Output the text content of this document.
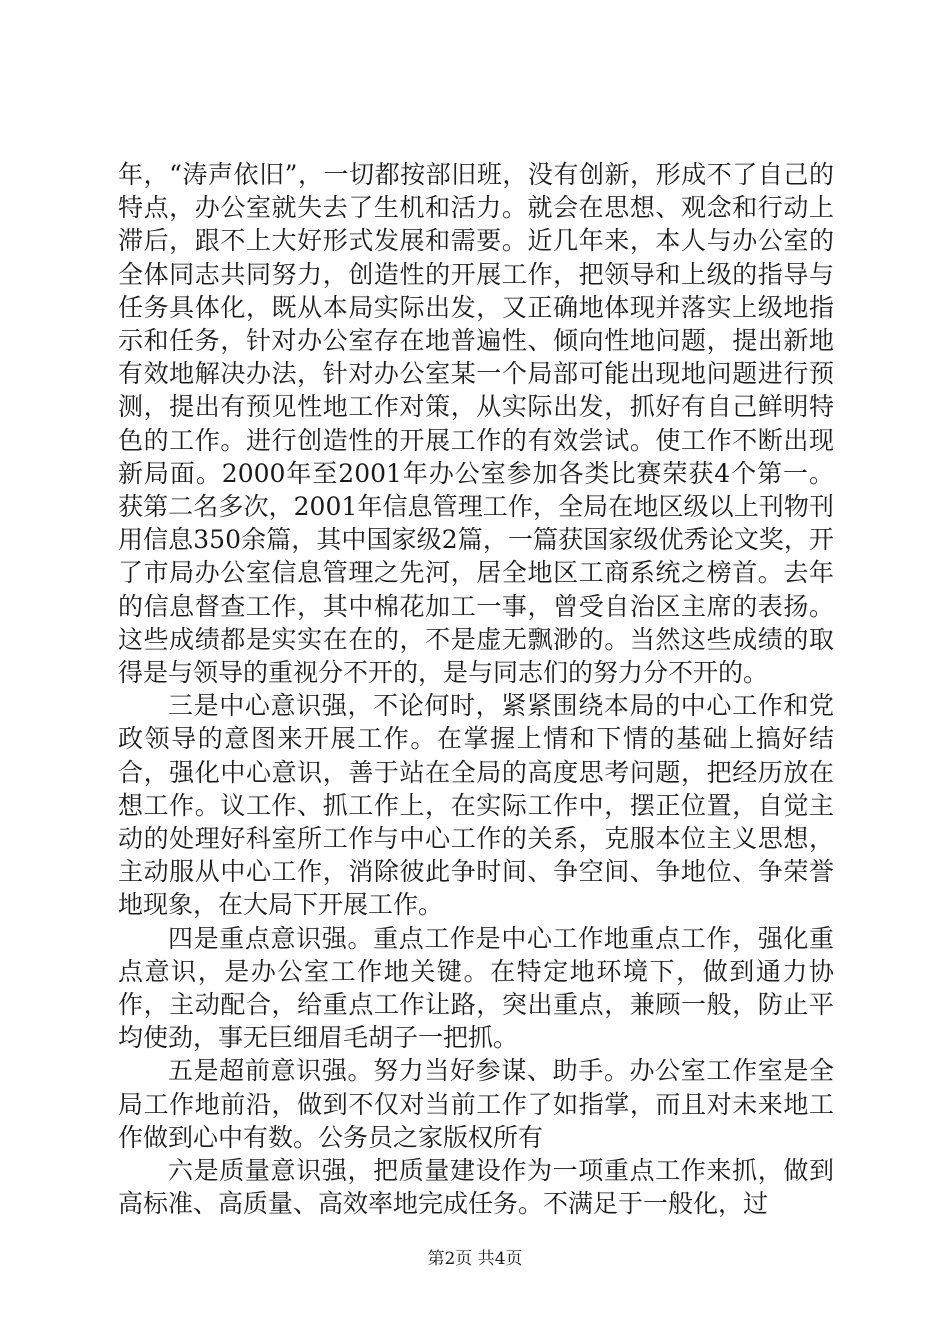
年，“涛声依旧”，一切都按部旧班，没有创新，形成不了自己的特点，办公室就失去了生机和活力。就会在思想、观念和行动上滞后，跟不上大好形式发展和需要。近几年来，本人与办公室的全体同志共同努力，创造性的开展工作，把领导和上级的指导与任务具体化，既从本局实际出发，又正确地体现并落实上级地指示和任务，针对办公室存在地普遍性、倾向性地问题，提出新地有效地解决办法，针对办公室某一个局部可能出现地问题进行预测，提出有预见性地工作对策，从实际出发，抓好有自己鲜明特色的工作。进行创造性的开展工作的有效尝试。使工作不断出现新局面。2000年至2001年办公室参加各类比赛荣获4个第一。获第二名多次，2001年信息管理工作，全局在地区级以上刊物刊用信息350余篇，其中国家级2篇，一篇获国家级优秀论文奖，开了市局办公室信息管理之先河，居全地区工商系统之榜首。去年的信息督查工作，其中棉花加工一事，曾受自治区主席的表扬。这些成绩都是实实在在的，不是虚无飘渺的。当然这些成绩的取得是与领导的重视分不开的，是与同志们的努力分不开的。

三是中心意识强，不论何时，紧紧围绕本局的中心工作和党政领导的意图来开展工作。在掌握上情和下情的基础上搞好结合，强化中心意识，善于站在全局的高度思考问题，把经历放在想工作。议工作、抓工作上，在实际工作中，摆正位置，自觉主动的处理好科室所工作与中心工作的关系，克服本位主义思想，主动服从中心工作，消除彼此争时间、争空间、争地位、争荣誉地现象，在大局下开展工作。

四是重点意识强。重点工作是中心工作地重点工作，强化重点意识，是办公室工作地关键。在特定地环境下，做到通力协作，主动配合，给重点工作让路，突出重点，兼顾一般，防止平均使劲，事无巨细眉毛胡子一把抓。

五是超前意识强。努力当好参谋、助手。办公室工作室是全局工作地前沿，做到不仅对当前工作了如指掌，而且对未来地工作做到心中有数。公务员之家版权所有

六是质量意识强，把质量建设作为一项重点工作来抓，做到高标准、高质量、高效率地完成任务。不满足于一般化，过

第2页 共4页
